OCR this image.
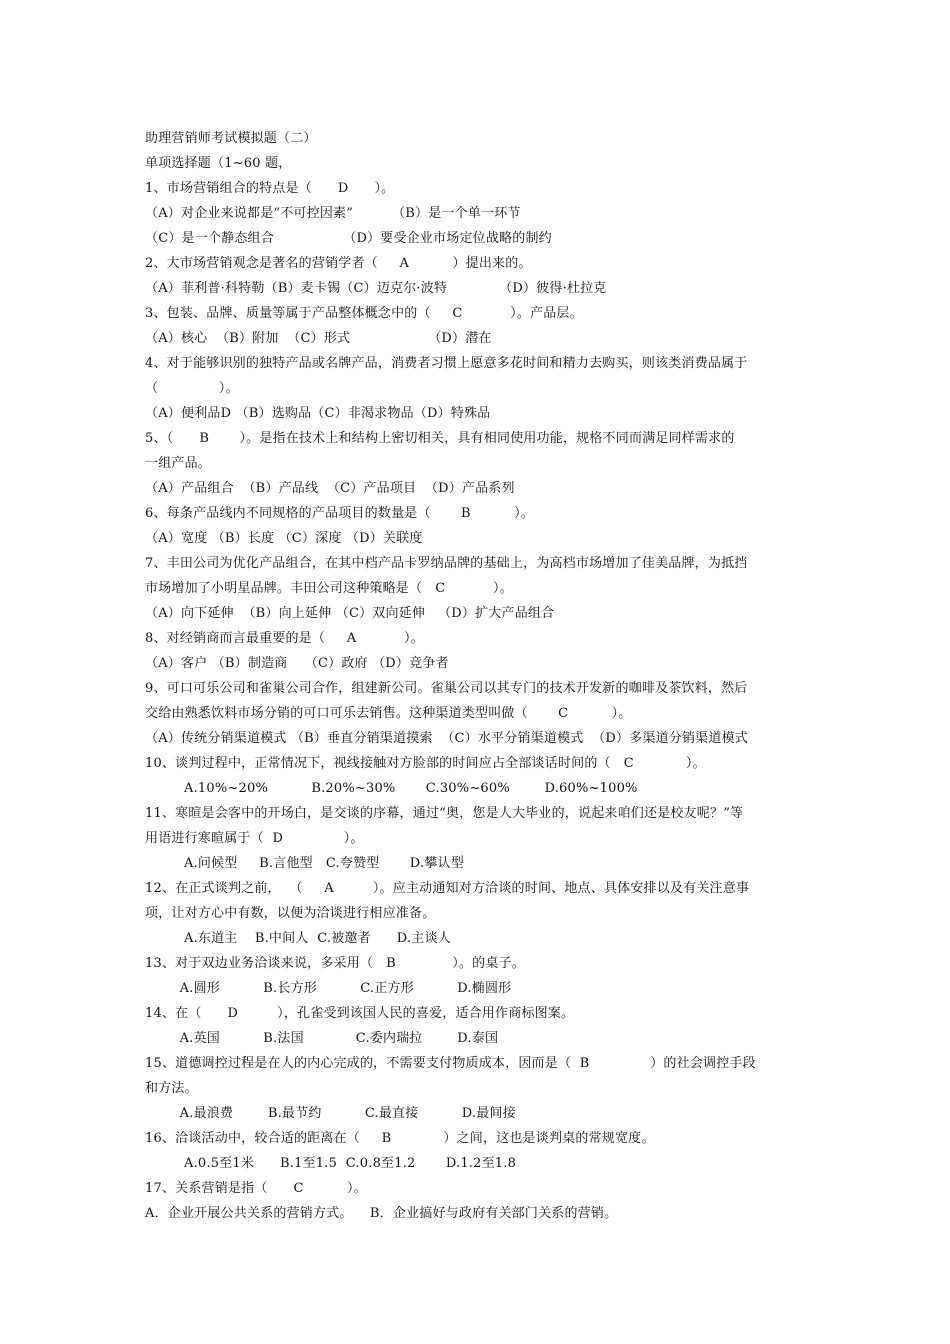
助理营销师考试模拟题（二）
单项选择题（1~60 题，
1、市场营销组合的特点是（      D      ）。
（A）对企业来说都是“不可控因素”         （B）是一个单一环节
（C）是一个静态组合                （D）要受企业市场定位战略的制约
2、大市场营销观念是著名的营销学者（     A          ）提出来的。
（A）菲利普·科特勒（B）麦卡锡（C）迈克尔·波特            （D）彼得·杜拉克
3、包装、品牌、质量等属于产品整体概念中的（     C           ）。产品层。
（A）核心  （B）附加  （C）形式                  （D）潜在
4、对于能够识别的独特产品或名牌产品，消费者习惯上愿意多花时间和精力去购买，则该类消费品属于
（              ）。
（A）便利品D （B）选购品（C）非渴求物品（D）特殊品
5、（      B       ）。是指在技术上和结构上密切相关，具有相同使用功能，规格不同而满足同样需求的
一组产品。
（A）产品组合  （B）产品线  （C）产品项目  （D）产品系列
6、每条产品线内不同规格的产品项目的数量是（       B          ）。
（A）宽度 （B）长度 （C）深度 （D）关联度
7、丰田公司为优化产品组合，在其中档产品卡罗纳品牌的基础上，为高档市场增加了佳美品牌，为抵挡
市场增加了小明星品牌。丰田公司这种策略是（   C           ）。
（A）向下延伸  （B）向上延伸 （C）双向延伸   （D）扩大产品组合
8、对经销商而言最重要的是（     A           ）。
（A）客户 （B）制造商    （C）政府 （D）竞争者
9、可口可乐公司和雀巢公司合作，组建新公司。雀巢公司以其专门的技术开发新的咖啡及茶饮料，然后
交给由熟悉饮料市场分销的可口可乐去销售。这种渠道类型叫做（       C          ）。
（A）传统分销渠道模式 （B）垂直分销渠道摸索  （C）水平分销渠道模式  （D）多渠道分销渠道模式
10、谈判过程中，正常情况下，视线接触对方脸部的时间应占全部谈话时间的（   C            ）。
A.10%~20%          B.20%~30%       C.30%~60%        D.60%~100%
11、寒暄是会客中的开场白，是交谈的序幕，通过“奥，您是人大毕业的，说起来咱们还是校友呢？”等
用语进行寒暄属于（  D              ）。
A.问候型     B.言他型   C.夸赞型       D.攀认型
12、在正式谈判之前，  （     A         ）。应主动通知对方洽谈的时间、地点、具体安排以及有关注意事
项，让对方心中有数，以便为洽谈进行相应准备。
A.东道主    B.中间人  C.被邀者      D.主谈人
13、对于双边业务洽谈来说，多采用（   B             ）。的桌子。
A.圆形          B.长方形          C.正方形          D.椭圆形
14、在（      D         ），孔雀受到该国人民的喜爱，适合用作商标图案。
A.英国          B.法国            C.委内瑞拉        D.泰国
15、道德调控过程是在人的内心完成的，不需要支付物质成本，因而是（  B              ）的社会调控手段
和方法。
A.最浪费        B.最节约          C.最直接          D.最间接
16、洽谈活动中，较合适的距离在（     B            ）之间，这也是谈判桌的常规宽度。
A.0.5至1米      B.1至1.5  C.0.8至1.2       D.1.2至1.8
17、关系营销是指（      C          ）。
A．企业开展公共关系的营销方式。    B．企业搞好与政府有关部门关系的营销。
